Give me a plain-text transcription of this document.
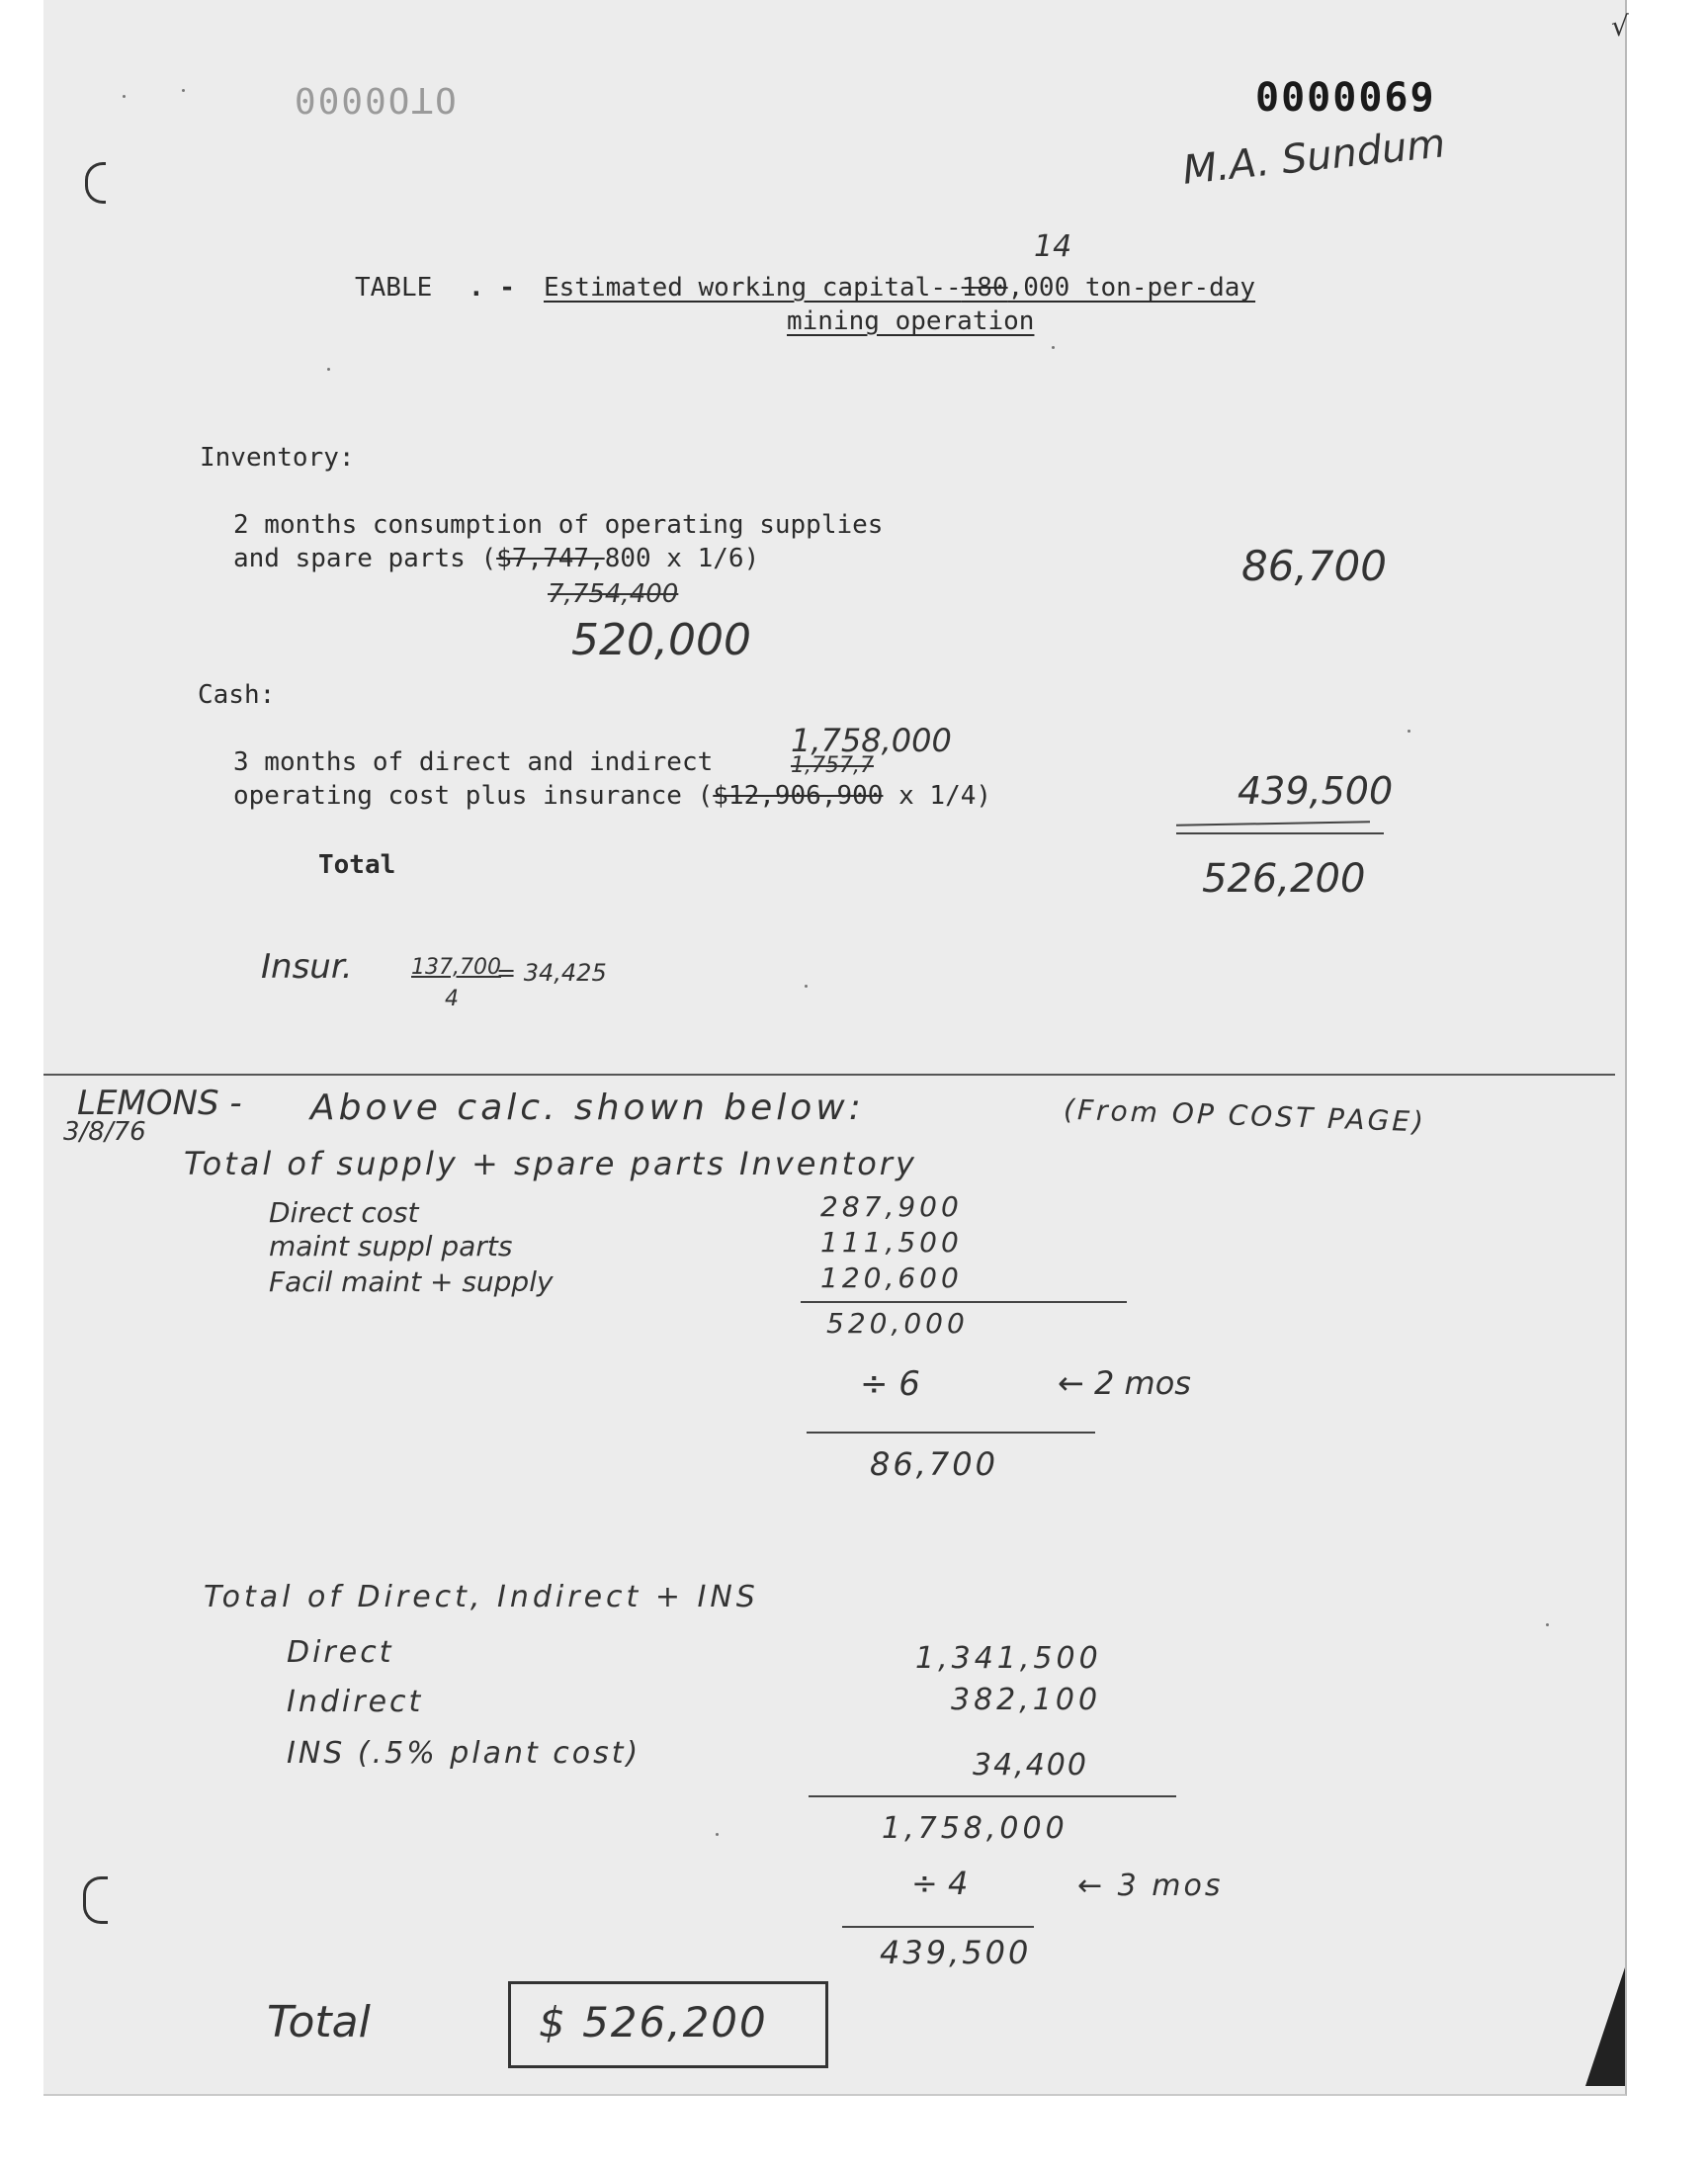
OTO0000	0000069
M.A. Sundum
√
TABLE . -
14
Estimated working capital--180,000 ton-per-day
mining operation
Inventory:
2 months consumption of operating supplies
and spare parts ($7,747,800 x 1/6)
7,754,400
520,000
86,700
Cash:
1,758,000
1,757,7
3 months of direct and indirect
operating cost plus insurance ($12,906,900 x 1/4)	439,500
Total	526,200
Insur.	137,700
4
= 34,425
LEMONS -
3/8/76
Above calc. shown below:	(From OP COST PAGE)
Total of supply + spare parts Inventory
Direct cost	287,900
maint suppl parts	111,500
Facil maint + supply	120,600
520,000
÷ 6	← 2 mos
86,700
Total of Direct, Indirect + INS
Direct	1,341,500
Indirect	382,100
INS (.5% plant cost)	34,400
1,758,000
÷ 4	← 3 mos
439,500
Total	$ 526,200
